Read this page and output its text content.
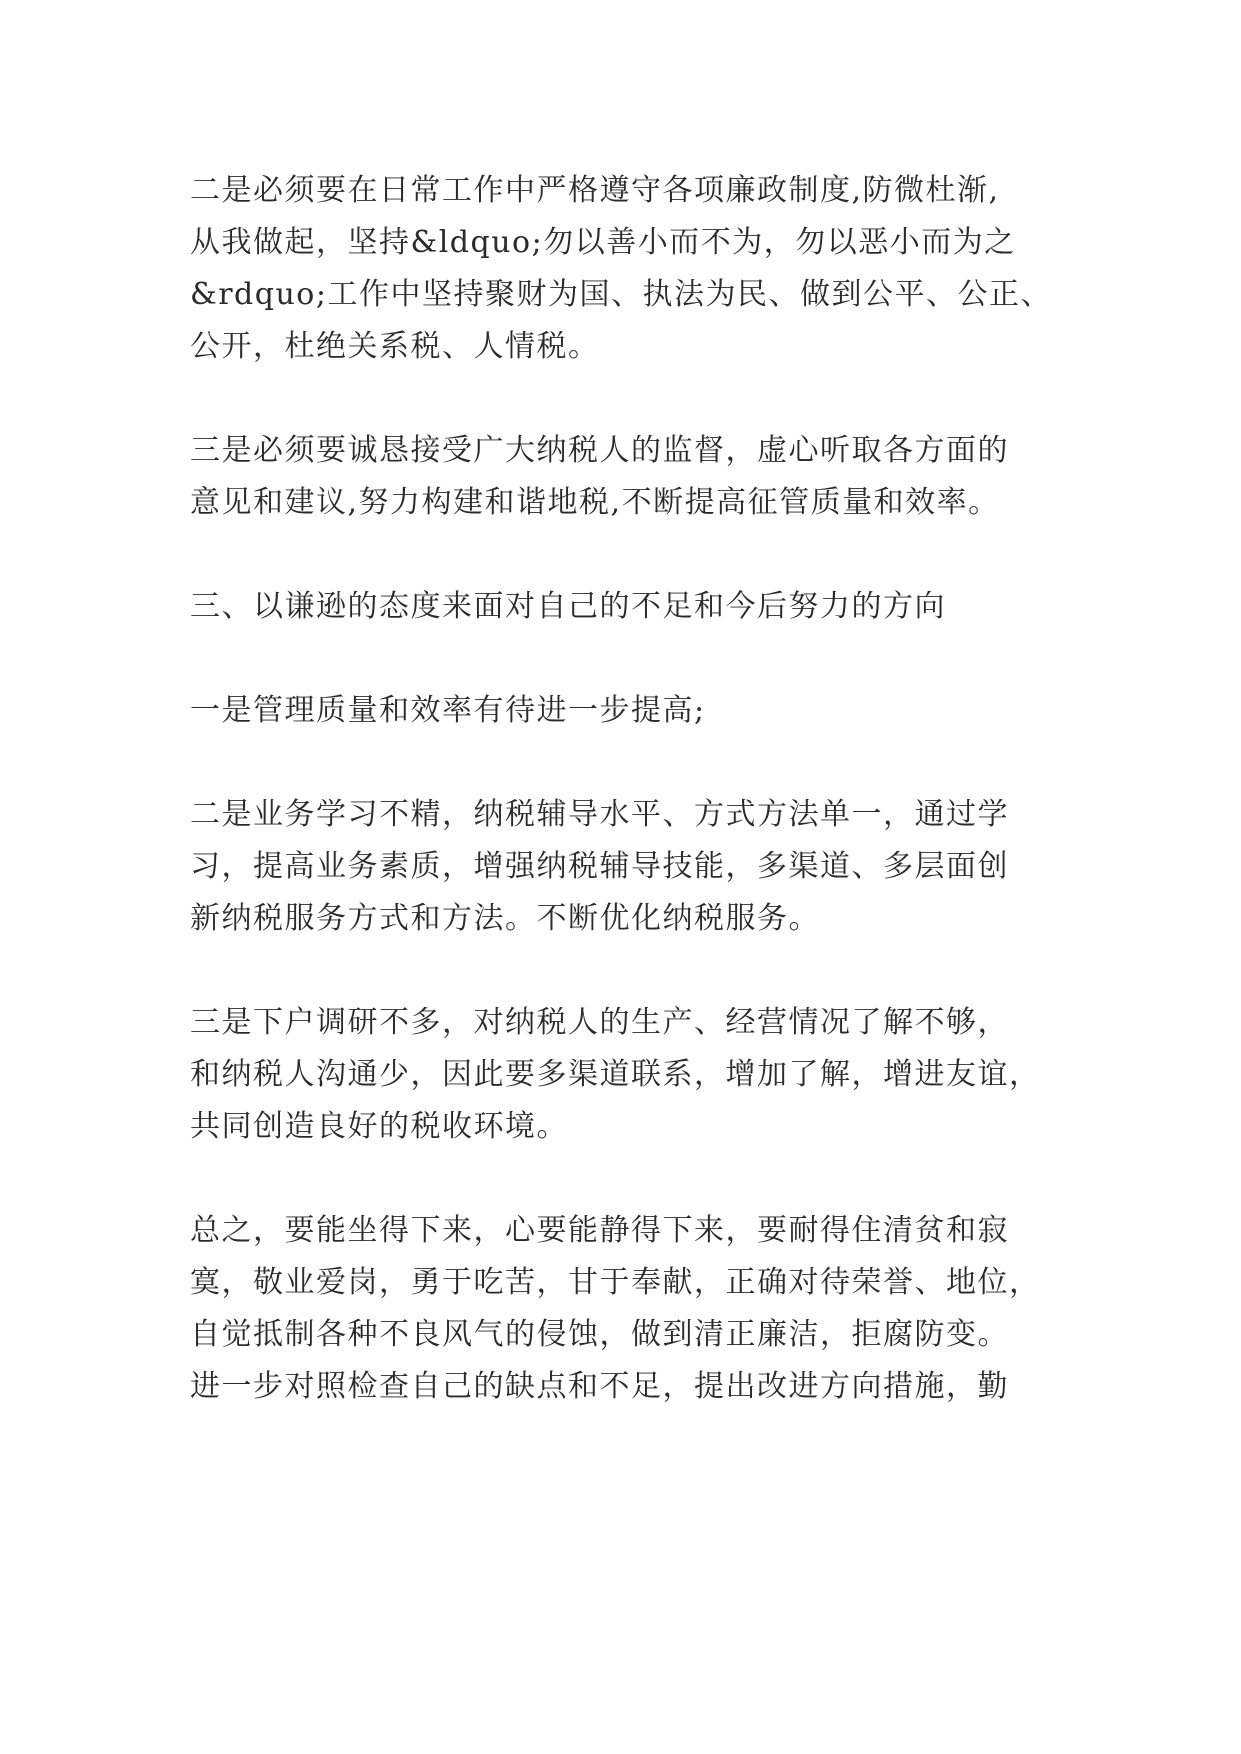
二是必须要在日常工作中严格遵守各项廉政制度,防微杜渐,
从我做起，坚持&ldquo;勿以善小而不为，勿以恶小而为之
&rdquo;工作中坚持聚财为国、执法为民、做到公平、公正、
公开，杜绝关系税、人情税。

三是必须要诚恳接受广大纳税人的监督，虚心听取各方面的
意见和建议,努力构建和谐地税,不断提高征管质量和效率。

三、以谦逊的态度来面对自己的不足和今后努力的方向

一是管理质量和效率有待进一步提高;

二是业务学习不精，纳税辅导水平、方式方法单一，通过学
习，提高业务素质，增强纳税辅导技能，多渠道、多层面创
新纳税服务方式和方法。不断优化纳税服务。

三是下户调研不多，对纳税人的生产、经营情况了解不够，
和纳税人沟通少，因此要多渠道联系，增加了解，增进友谊，
共同创造良好的税收环境。

总之，要能坐得下来，心要能静得下来，要耐得住清贫和寂
寞，敬业爱岗，勇于吃苦，甘于奉献，正确对待荣誉、地位，
自觉抵制各种不良风气的侵蚀，做到清正廉洁，拒腐防变。
进一步对照检查自己的缺点和不足，提出改进方向措施，勤
